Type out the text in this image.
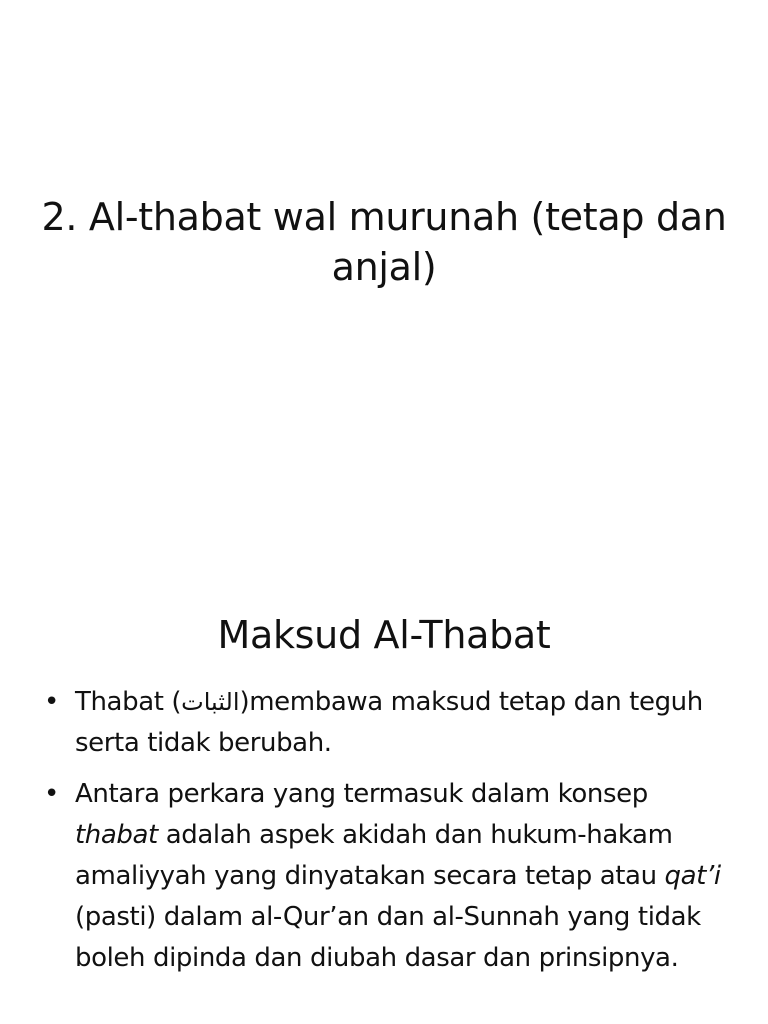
2. Al-thabat wal murunah (tetap dan anjal)
Maksud Al-Thabat
• Thabat (الثبات)membawa maksud tetap dan teguh serta tidak berubah.
• Antara perkara yang termasuk dalam konsep thabat adalah aspek akidah dan hukum-hakam amaliyyah yang dinyatakan secara tetap atau qat’i (pasti) dalam al-Qur’an dan al-Sunnah yang tidak boleh dipinda dan diubah dasar dan prinsipnya.
